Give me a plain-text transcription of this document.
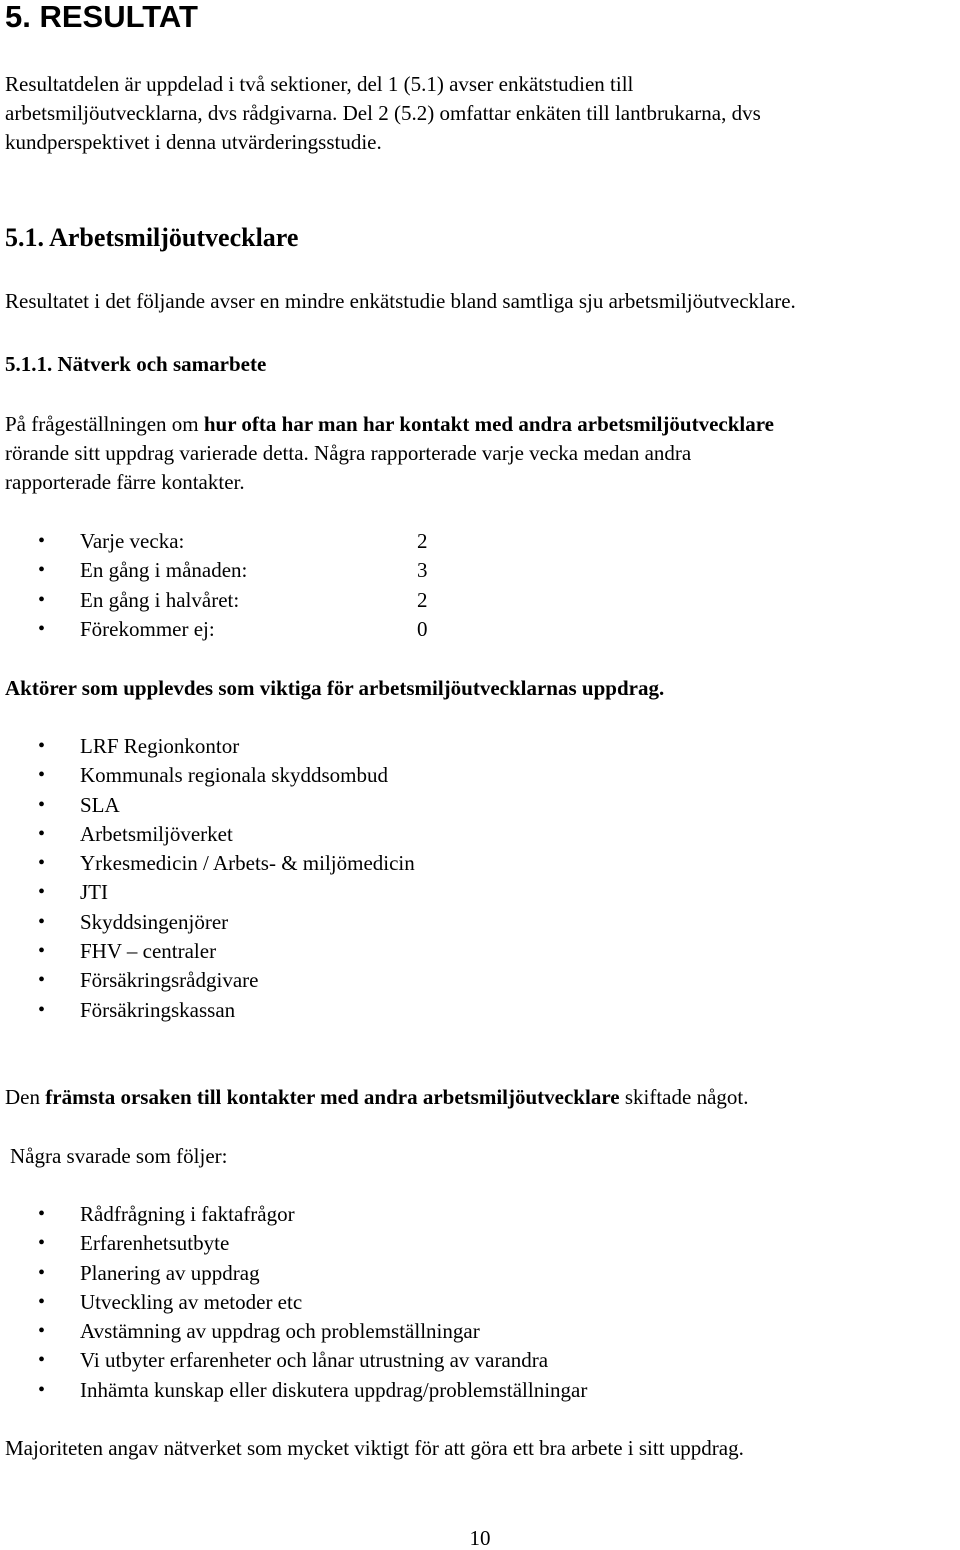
5. RESULTAT
Resultatdelen är uppdelad i två sektioner, del 1 (5.1) avser enkätstudien till
arbetsmiljöutvecklarna, dvs rådgivarna. Del 2 (5.2) omfattar enkäten till lantbrukarna, dvs
kundperspektivet i denna utvärderingsstudie.
5.1. Arbetsmiljöutvecklare
Resultatet i det följande avser en mindre enkätstudie bland samtliga sju arbetsmiljöutvecklare.
5.1.1. Nätverk och samarbete
På frågeställningen om hur ofta har man har kontakt med andra arbetsmiljöutvecklare
rörande sitt uppdrag varierade detta. Några rapporterade varje vecka medan andra
rapporterade färre kontakter.
• Varje vecka:	2
• En gång i månaden:	3
• En gång i halvåret:	2
• Förekommer ej:	0
Aktörer som upplevdes som viktiga för arbetsmiljöutvecklarnas uppdrag.
• LRF Regionkontor
• Kommunals regionala skyddsombud
• SLA
• Arbetsmiljöverket
• Yrkesmedicin / Arbets- & miljömedicin
• JTI
• Skyddsingenjörer
• FHV – centraler
• Försäkringsrådgivare
• Försäkringskassan
Den främsta orsaken till kontakter med andra arbetsmiljöutvecklare skiftade något.
Några svarade som följer:
• Rådfrågning i faktafrågor
• Erfarenhetsutbyte
• Planering av uppdrag
• Utveckling av metoder etc
• Avstämning av uppdrag och problemställningar
• Vi utbyter erfarenheter och lånar utrustning av varandra
• Inhämta kunskap eller diskutera uppdrag/problemställningar
Majoriteten angav nätverket som mycket viktigt för att göra ett bra arbete i sitt uppdrag.
10
